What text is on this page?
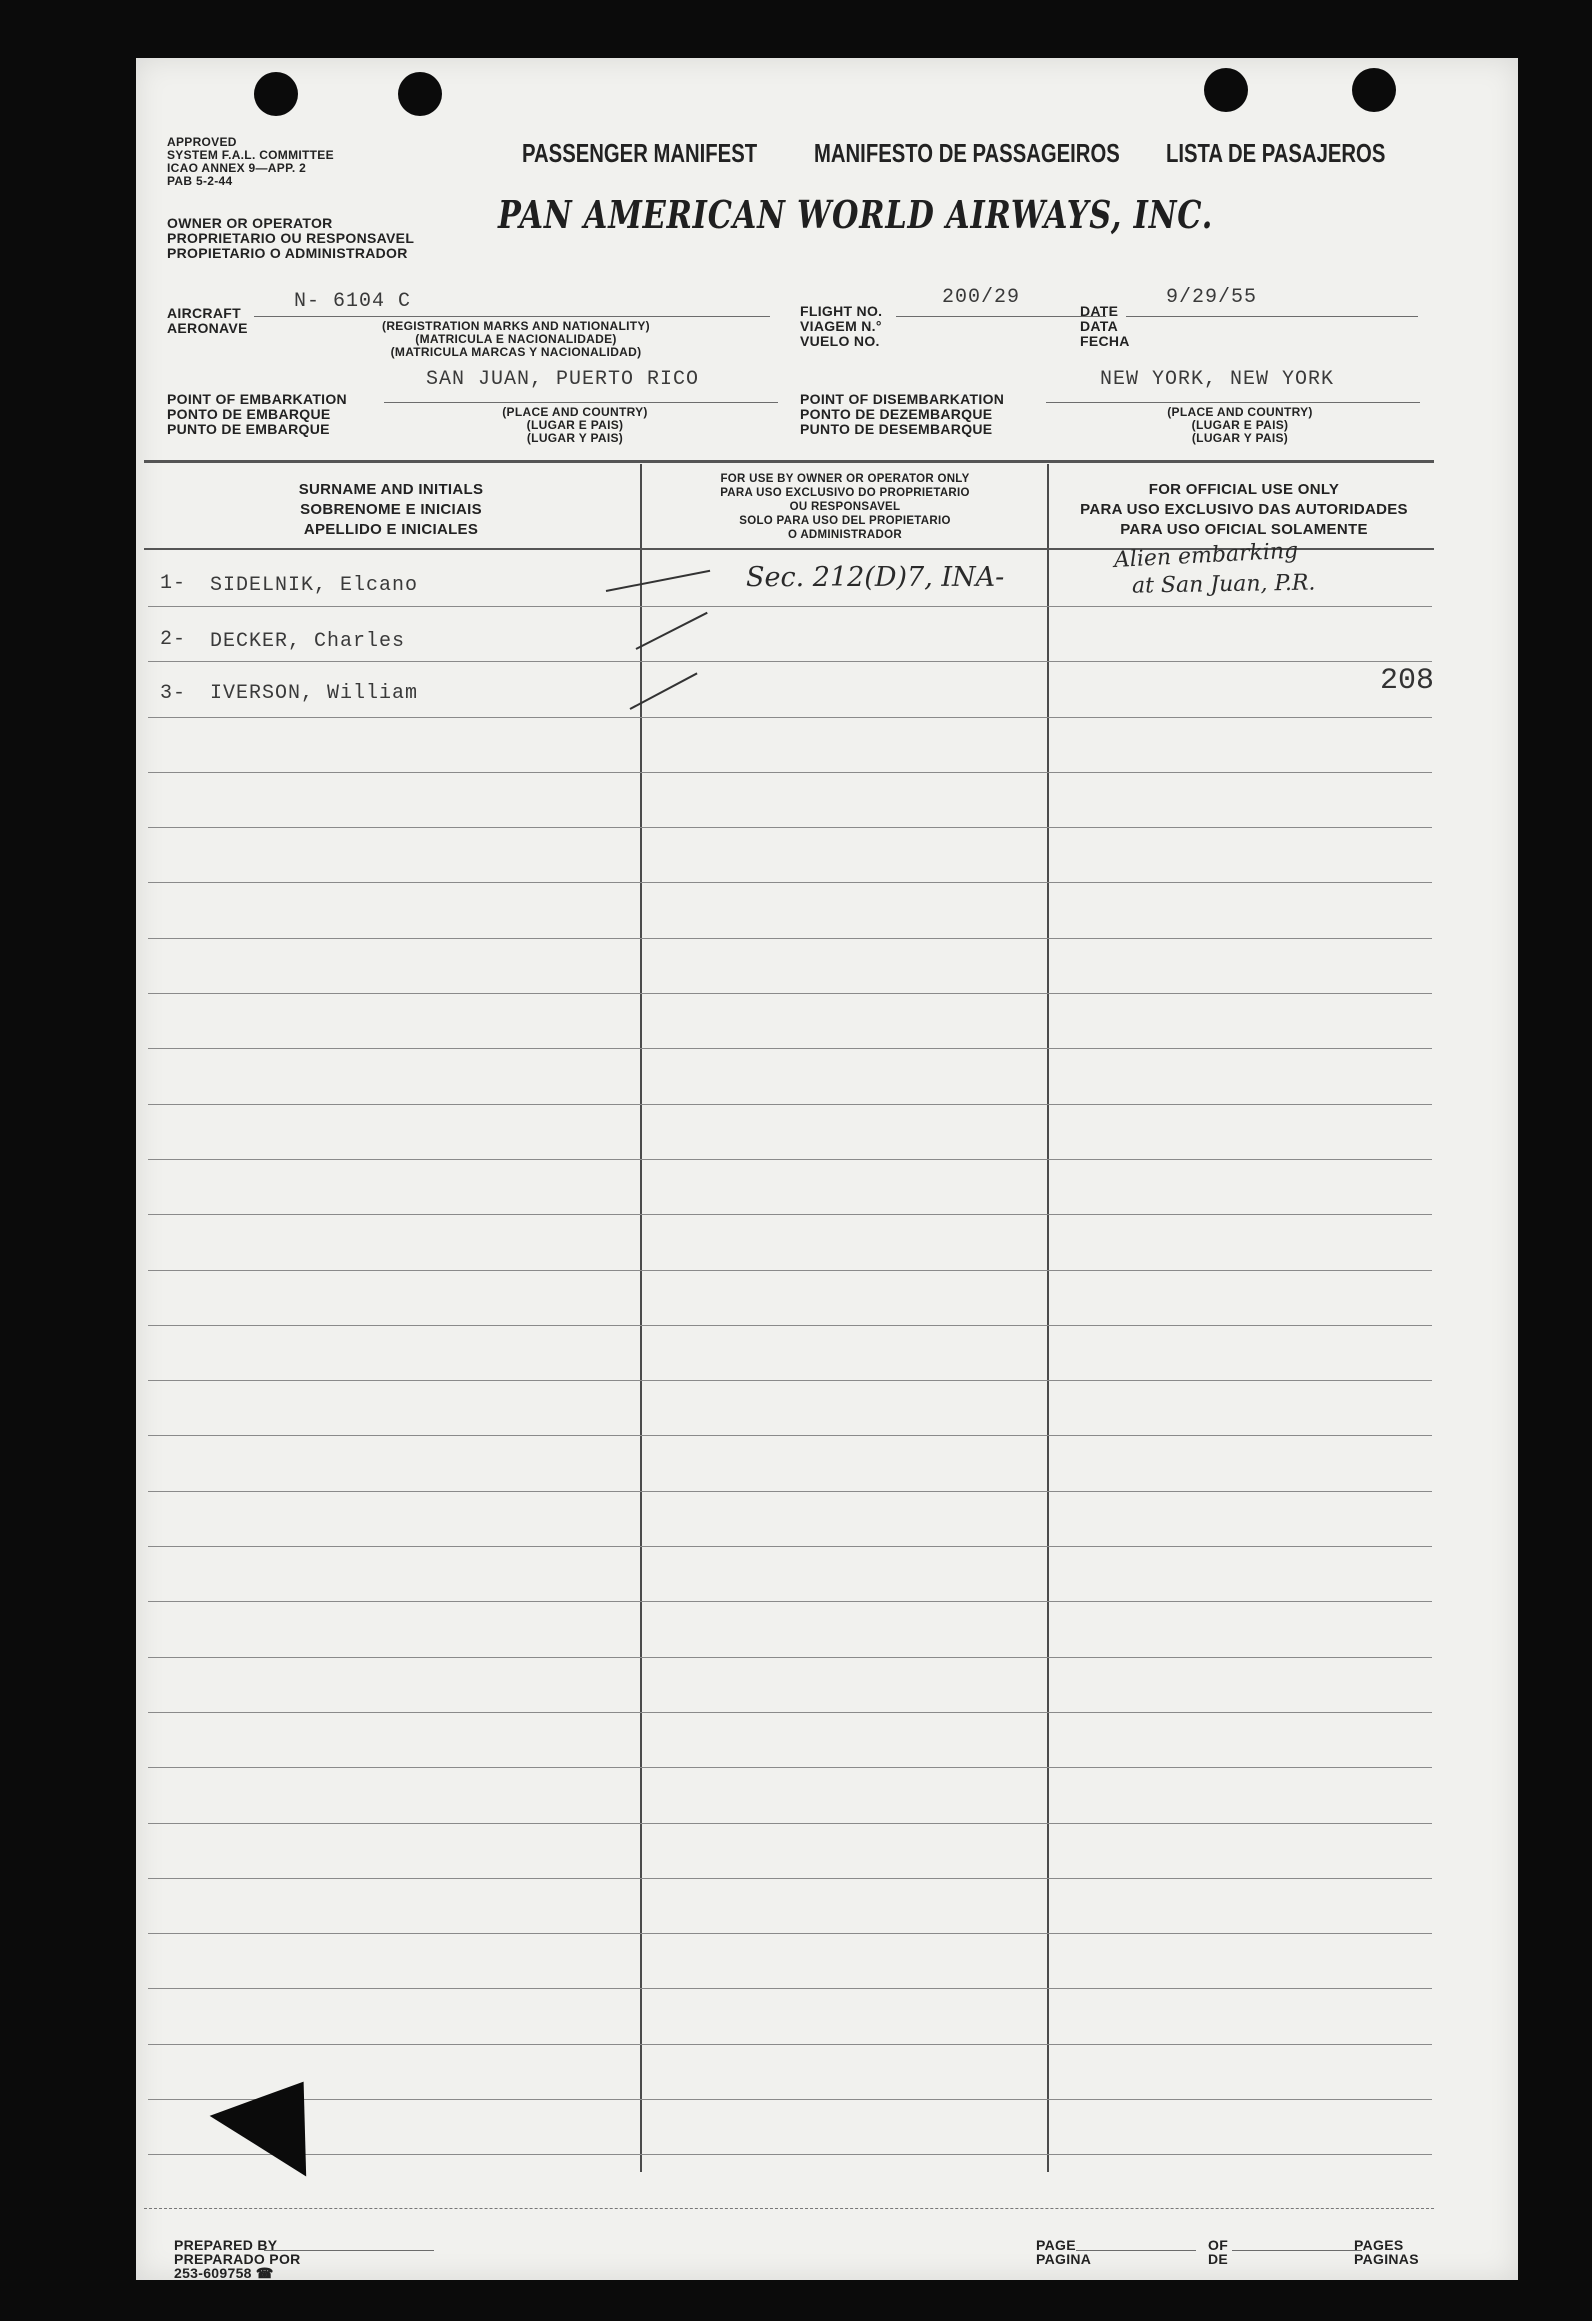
APPROVED
SYSTEM F.A.L. COMMITTEE
ICAO ANNEX 9—APP. 2
PAB 5-2-44
OWNER OR OPERATOR
PROPRIETARIO OU RESPONSAVEL
PROPIETARIO O ADMINISTRADOR
PASSENGER MANIFEST MANIFESTO DE PASSAGEIROS LISTA DE PASAJEROS
PAN AMERICAN WORLD AIRWAYS, INC.
AIRCRAFT
AERONAVE
N- 6104 C
(REGISTRATION MARKS AND NATIONALITY)
(MATRICULA E NACIONALIDADE)
(MATRICULA MARCAS Y NACIONALIDAD)
FLIGHT NO.
VIAGEM N.°
VUELO NO.
200/29
DATE
DATA
FECHA
9/29/55
POINT OF EMBARKATION
PONTO DE EMBARQUE
PUNTO DE EMBARQUE
SAN JUAN, PUERTO RICO
(PLACE AND COUNTRY)
(LUGAR E PAIS)
(LUGAR Y PAIS)
POINT OF DISEMBARKATION
PONTO DE DEZEMBARQUE
PUNTO DE DESEMBARQUE
NEW YORK, NEW YORK
(PLACE AND COUNTRY)
(LUGAR E PAIS)
(LUGAR Y PAIS)
SURNAME AND INITIALS
SOBRENOME E INICIAIS
APELLIDO E INICIALES
FOR USE BY OWNER OR OPERATOR ONLY
PARA USO EXCLUSIVO DO PROPRIETARIO
OU RESPONSAVEL
SOLO PARA USO DEL PROPIETARIO
O ADMINISTRADOR
FOR OFFICIAL USE ONLY
PARA USO EXCLUSIVO DAS AUTORIDADES
PARA USO OFICIAL SOLAMENTE
1- SIDELNIK, Elcano
2- DECKER, Charles
3- IVERSON, William
Sec. 212(D)7, INA-
Alien embarking
at San Juan, P.R.
208
PREPARED BY
PREPARADO POR
253-609758 ☎
PAGE
PAGINA
OF
DE
PAGES
PAGINAS
